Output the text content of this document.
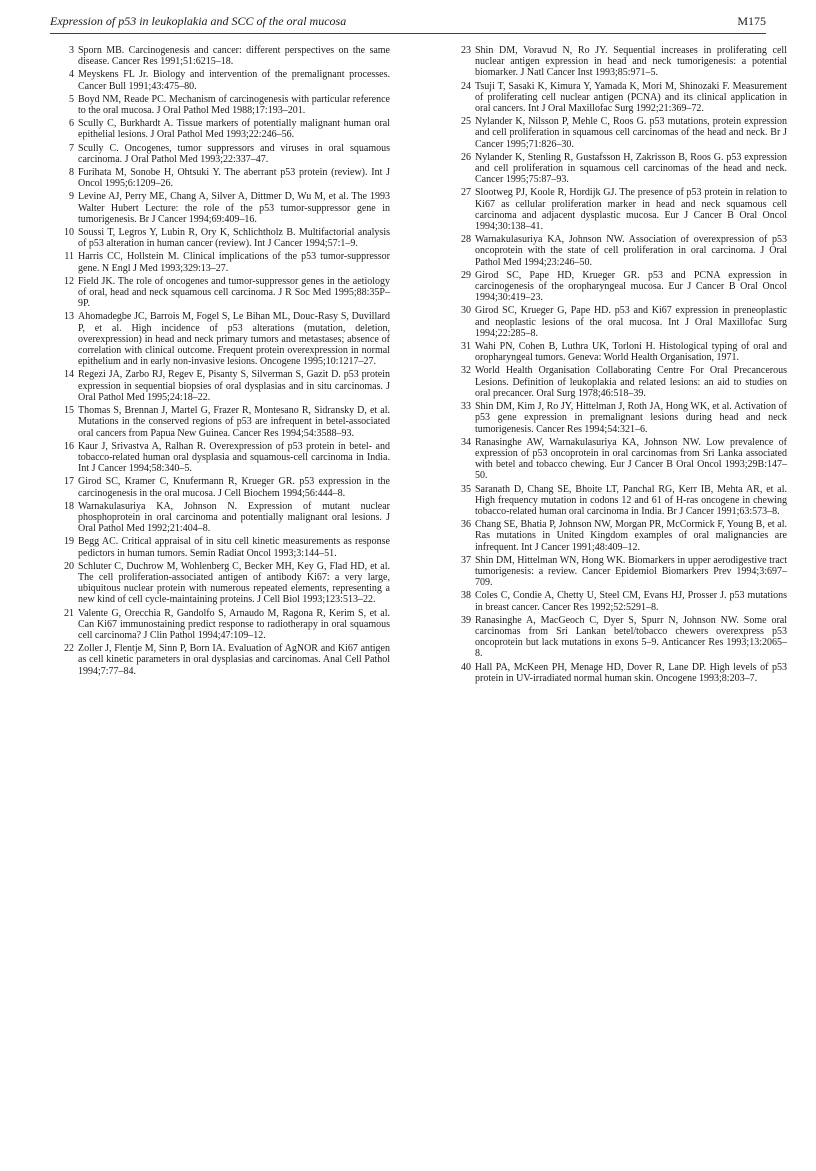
Expression of p53 in leukoplakia and SCC of the oral mucosa	M175
3 Sporn MB. Carcinogenesis and cancer: different perspectives on the same disease. Cancer Res 1991;51:6215–18.
4 Meyskens FL Jr. Biology and intervention of the premalignant processes. Cancer Bull 1991;43:475–80.
5 Boyd NM, Reade PC. Mechanism of carcinogenesis with particular reference to the oral mucosa. J Oral Pathol Med 1988;17:193–201.
6 Scully C, Burkhardt A. Tissue markers of potentially malignant human oral epithelial lesions. J Oral Pathol Med 1993;22:246–56.
7 Scully C. Oncogenes, tumor suppressors and viruses in oral squamous carcinoma. J Oral Pathol Med 1993;22:337–47.
8 Furihata M, Sonobe H, Ohtsuki Y. The aberrant p53 protein (review). Int J Oncol 1995;6:1209–26.
9 Levine AJ, Perry ME, Chang A, Silver A, Dittmer D, Wu M, et al. The 1993 Walter Hubert Lecture: the role of the p53 tumor-suppressor gene in tumorigenesis. Br J Cancer 1994;69:409–16.
10 Soussi T, Legros Y, Lubin R, Ory K, Schlichtholz B. Multifactorial analysis of p53 alteration in human cancer (review). Int J Cancer 1994;57:1–9.
11 Harris CC, Hollstein M. Clinical implications of the p53 tumor-suppressor gene. N Engl J Med 1993;329:13–27.
12 Field JK. The role of oncogenes and tumor-suppressor genes in the aetiology of oral, head and neck squamous cell carcinoma. J R Soc Med 1995;88:35P–9P.
13 Ahomadegbe JC, Barrois M, Fogel S, Le Bihan ML, Douc-Rasy S, Duvillard P, et al. High incidence of p53 alterations (mutation, deletion, overexpression) in head and neck primary tumors and metastases; absence of correlation with clinical outcome. Frequent protein overexpression in normal epithelium and in early non-invasive lesions. Oncogene 1995;10:1217–27.
14 Regezi JA, Zarbo RJ, Regev E, Pisanty S, Silverman S, Gazit D. p53 protein expression in sequential biopsies of oral dysplasias and in situ carcinomas. J Oral Pathol Med 1995;24:18–22.
15 Thomas S, Brennan J, Martel G, Frazer R, Montesano R, Sidransky D, et al. Mutations in the conserved regions of p53 are infrequent in betel-associated oral cancers from Papua New Guinea. Cancer Res 1994;54:3588–93.
16 Kaur J, Srivastva A, Ralhan R. Overexpression of p53 protein in betel- and tobacco-related human oral dysplasia and squamous-cell carcinoma in India. Int J Cancer 1994;58:340–5.
17 Girod SC, Kramer C, Knufermann R, Krueger GR. p53 expression in the carcinogenesis in the oral mucosa. J Cell Biochem 1994;56:444–8.
18 Warnakulasuriya KA, Johnson N. Expression of mutant nuclear phosphoprotein in oral carcinoma and potentially malignant oral lesions. J Oral Pathol Med 1992;21:404–8.
19 Begg AC. Critical appraisal of in situ cell kinetic measurements as response pedictors in human tumors. Semin Radiat Oncol 1993;3:144–51.
20 Schluter C, Duchrow M, Wohlenberg C, Becker MH, Key G, Flad HD, et al. The cell proliferation-associated antigen of antibody Ki67: a very large, ubiquitous nuclear protein with numerous repeated elements, representing a new kind of cell cycle-maintaining proteins. J Cell Biol 1993;123:513–22.
21 Valente G, Orecchia R, Gandolfo S, Arnaudo M, Ragona R, Kerim S, et al. Can Ki67 immunostaining predict response to radiotherapy in oral squamous cell carcinoma? J Clin Pathol 1994;47:109–12.
22 Zoller J, Flentje M, Sinn P, Born IA. Evaluation of AgNOR and Ki67 antigen as cell kinetic parameters in oral dysplasias and carcinomas. Anal Cell Pathol 1994;7:77–84.
23 Shin DM, Voravud N, Ro JY. Sequential increases in proliferating cell nuclear antigen expression in head and neck tumorigenesis: a potential biomarker. J Natl Cancer Inst 1993;85:971–5.
24 Tsuji T, Sasaki K, Kimura Y, Yamada K, Mori M, Shinozaki F. Measurement of proliferating cell nuclear antigen (PCNA) and its clinical application in oral cancers. Int J Oral Maxillofac Surg 1992;21:369–72.
25 Nylander K, Nilsson P, Mehle C, Roos G. p53 mutations, protein expression and cell proliferation in squamous cell carcinomas of the head and neck. Br J Cancer 1995;71:826–30.
26 Nylander K, Stenling R, Gustafsson H, Zakrisson B, Roos G. p53 expression and cell proliferation in squamous cell carcinomas of the head and neck. Cancer 1995;75:87–93.
27 Slootweg PJ, Koole R, Hordijk GJ. The presence of p53 protein in relation to Ki67 as cellular proliferation marker in head and neck squamous cell carcinoma and adjacent dysplastic mucosa. Eur J Cancer B Oral Oncol 1994;30:138–41.
28 Warnakulasuriya KA, Johnson NW. Association of overexpression of p53 oncoprotein with the state of cell proliferation in oral carcinoma. J Oral Pathol Med 1994;23:246–50.
29 Girod SC, Pape HD, Krueger GR. p53 and PCNA expression in carcinogenesis of the oropharyngeal mucosa. Eur J Cancer B Oral Oncol 1994;30:419–23.
30 Girod SC, Krueger G, Pape HD. p53 and Ki67 expression in preneoplastic and neoplastic lesions of the oral mucosa. Int J Oral Maxillofac Surg 1994;22:285–8.
31 Wahi PN, Cohen B, Luthra UK, Torloni H. Histological typing of oral and oropharyngeal tumors. Geneva: World Health Organisation, 1971.
32 World Health Organisation Collaborating Centre For Oral Precancerous Lesions. Definition of leukoplakia and related lesions: an aid to studies on oral precancer. Oral Surg 1978;46:518–39.
33 Shin DM, Kim J, Ro JY, Hittelman J, Roth JA, Hong WK, et al. Activation of p53 gene expression in premalignant lesions during head and neck tumorigenesis. Cancer Res 1994;54:321–6.
34 Ranasinghe AW, Warnakulasuriya KA, Johnson NW. Low prevalence of expression of p53 oncoprotein in oral carcinomas from Sri Lanka associated with betel and tobacco chewing. Eur J Cancer B Oral Oncol 1993;29B:147–50.
35 Saranath D, Chang SE, Bhoite LT, Panchal RG, Kerr IB, Mehta AR, et al. High frequency mutation in codons 12 and 61 of H-ras oncogene in chewing tobacco-related human oral carcinoma in India. Br J Cancer 1991;63:573–8.
36 Chang SE, Bhatia P, Johnson NW, Morgan PR, McCormick F, Young B, et al. Ras mutations in United Kingdom examples of oral malignancies are infrequent. Int J Cancer 1991;48:409–12.
37 Shin DM, Hittelman WN, Hong WK. Biomarkers in upper aerodigestive tract tumorigenesis: a review. Cancer Epidemiol Biomarkers Prev 1994;3:697–709.
38 Coles C, Condie A, Chetty U, Steel CM, Evans HJ, Prosser J. p53 mutations in breast cancer. Cancer Res 1992;52:5291–8.
39 Ranasinghe A, MacGeoch C, Dyer S, Spurr N, Johnson NW. Some oral carcinomas from Sri Lankan betel/tobacco chewers overexpress p53 oncoprotein but lack mutations in exons 5–9. Anticancer Res 1993;13:2065–8.
40 Hall PA, McKeen PH, Menage HD, Dover R, Lane DP. High levels of p53 protein in UV-irradiated normal human skin. Oncogene 1993;8:203–7.
